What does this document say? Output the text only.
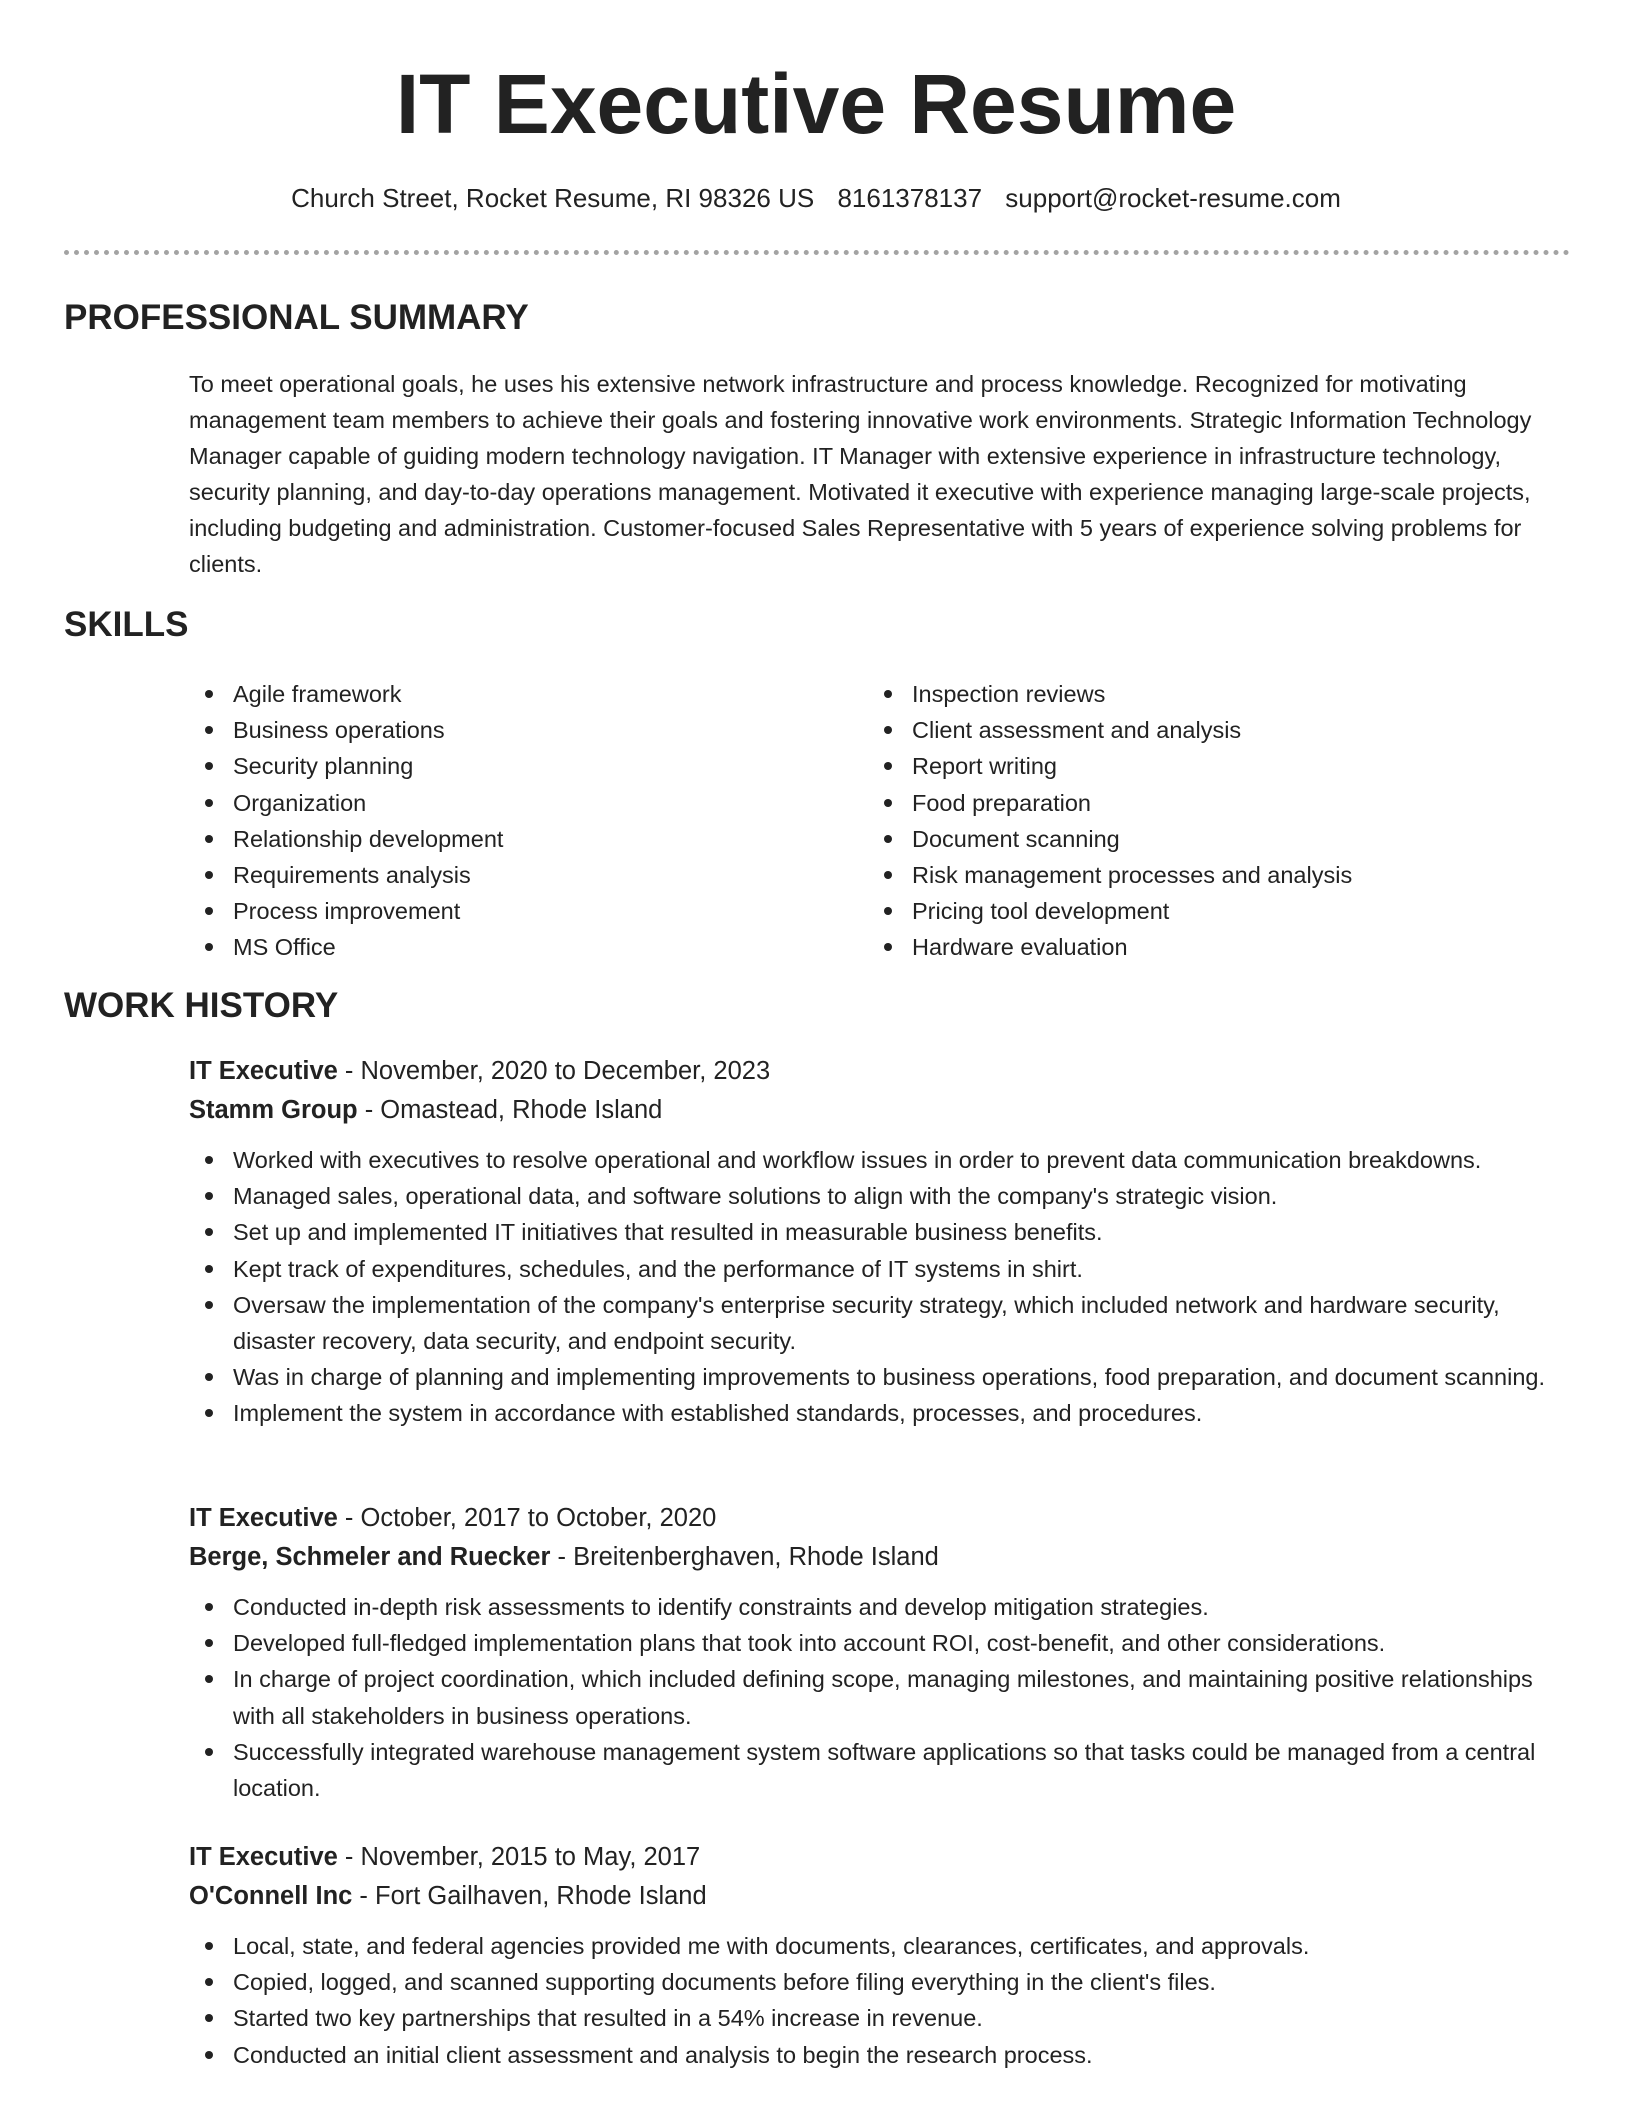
IT Executive Resume
Church Street, Rocket Resume, RI 98326 US 8161378137 support@rocket-resume.com
PROFESSIONAL SUMMARY

To meet operational goals, he uses his extensive network infrastructure and process knowledge. Recognized for motivating management team members to achieve their goals and fostering innovative work environments. Strategic Information Technology Manager capable of guiding modern technology navigation. IT Manager with extensive experience in infrastructure technology, security planning, and day-to-day operations management. Motivated it executive with experience managing large-scale projects, including budgeting and administration. Customer-focused Sales Representative with 5 years of experience solving problems for clients.

SKILLS
Agile framework
Business operations
Security planning
Organization
Relationship development
Requirements analysis
Process improvement
MS Office
Inspection reviews
Client assessment and analysis
Report writing
Food preparation
Document scanning
Risk management processes and analysis
Pricing tool development
Hardware evaluation
WORK HISTORY

IT Executive - November, 2020 to December, 2023

Stamm Group - Omastead, Rhode Island

Worked with executives to resolve operational and workflow issues in order to prevent data communication breakdowns.
Managed sales, operational data, and software solutions to align with the company's strategic vision.
Set up and implemented IT initiatives that resulted in measurable business benefits.
Kept track of expenditures, schedules, and the performance of IT systems in shirt.
Oversaw the implementation of the company's enterprise security strategy, which included network and hardware security, disaster recovery, data security, and endpoint security.
Was in charge of planning and implementing improvements to business operations, food preparation, and document scanning.
Implement the system in accordance with established standards, processes, and procedures.

IT Executive - October, 2017 to October, 2020

Berge, Schmeler and Ruecker - Breitenberghaven, Rhode Island

Conducted in-depth risk assessments to identify constraints and develop mitigation strategies.
Developed full-fledged implementation plans that took into account ROI, cost-benefit, and other considerations.
In charge of project coordination, which included defining scope, managing milestones, and maintaining positive relationships with all stakeholders in business operations.
Successfully integrated warehouse management system software applications so that tasks could be managed from a central location.

IT Executive - November, 2015 to May, 2017

O'Connell Inc - Fort Gailhaven, Rhode Island

Local, state, and federal agencies provided me with documents, clearances, certificates, and approvals.
Copied, logged, and scanned supporting documents before filing everything in the client's files.
Started two key partnerships that resulted in a 54% increase in revenue.
Conducted an initial client assessment and analysis to begin the research process.
